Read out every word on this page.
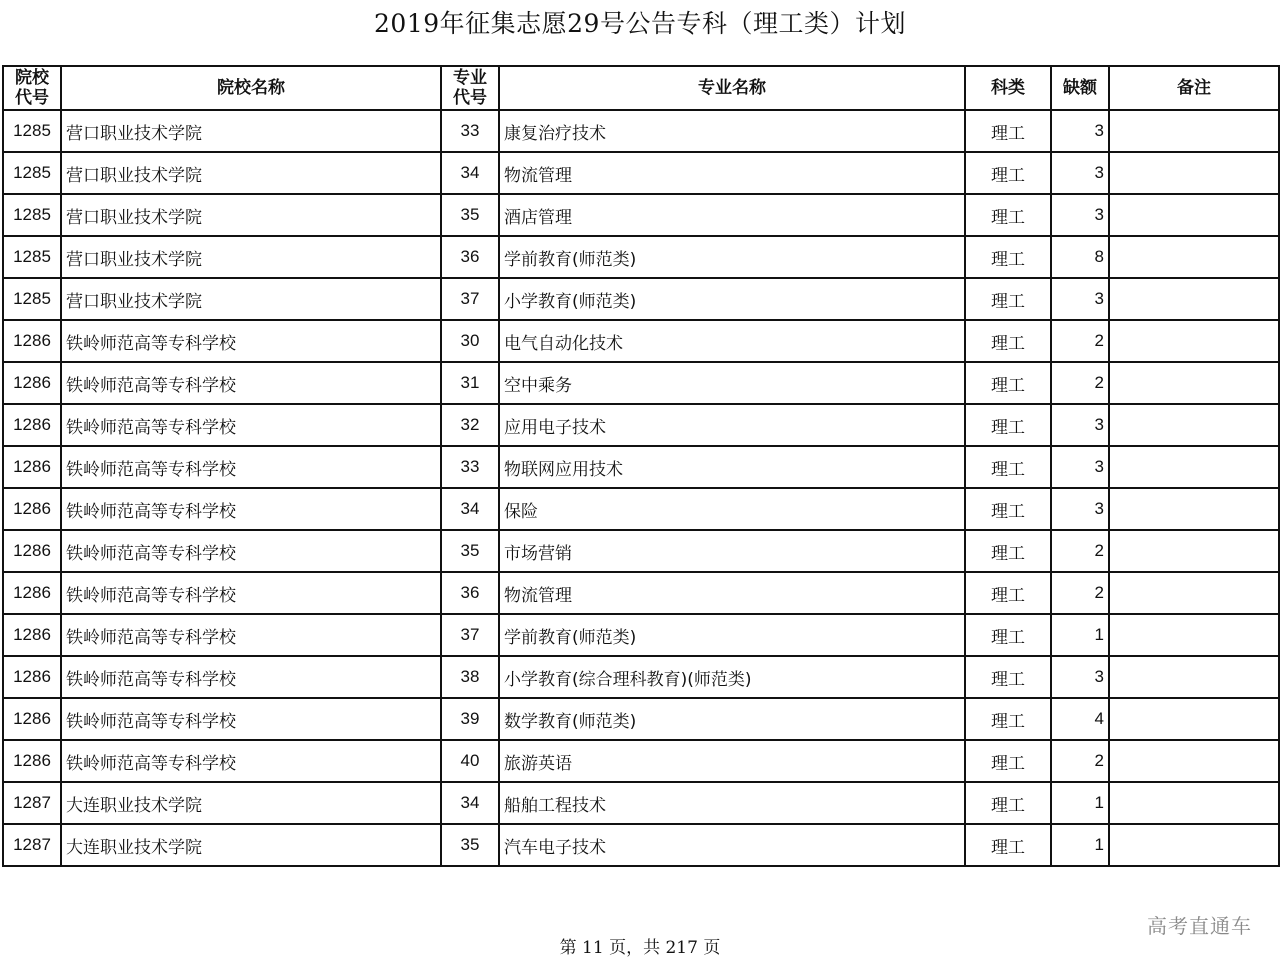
2019年征集志愿29号公告专科（理工类）计划
院校代号	院校名称	专业代号	专业名称	科类	缺额	备注
1285	营口职业技术学院	33	康复治疗技术	理工	3	
1285	营口职业技术学院	34	物流管理	理工	3	
1285	营口职业技术学院	35	酒店管理	理工	3	
1285	营口职业技术学院	36	学前教育(师范类)	理工	8	
1285	营口职业技术学院	37	小学教育(师范类)	理工	3	
1286	铁岭师范高等专科学校	30	电气自动化技术	理工	2	
1286	铁岭师范高等专科学校	31	空中乘务	理工	2	
1286	铁岭师范高等专科学校	32	应用电子技术	理工	3	
1286	铁岭师范高等专科学校	33	物联网应用技术	理工	3	
1286	铁岭师范高等专科学校	34	保险	理工	3	
1286	铁岭师范高等专科学校	35	市场营销	理工	2	
1286	铁岭师范高等专科学校	36	物流管理	理工	2	
1286	铁岭师范高等专科学校	37	学前教育(师范类)	理工	1	
1286	铁岭师范高等专科学校	38	小学教育(综合理科教育)(师范类)	理工	3	
1286	铁岭师范高等专科学校	39	数学教育(师范类)	理工	4	
1286	铁岭师范高等专科学校	40	旅游英语	理工	2	
1287	大连职业技术学院	34	船舶工程技术	理工	1	
1287	大连职业技术学院	35	汽车电子技术	理工	1	
高考直通车
第 11 页，共 217 页
